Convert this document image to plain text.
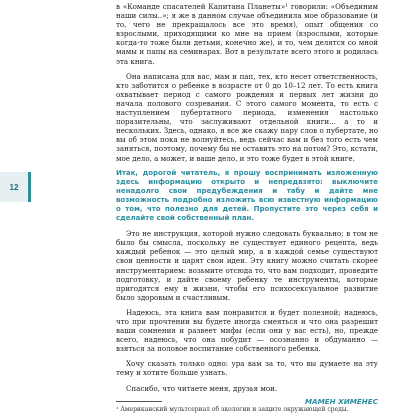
12

в «Команде спасателей Капитана Планеты»¹ говорили: «Объединим наши силы..»; я же в данном случае объединила мое образование (и то, чего не прекращалось все это время), опыт общения со взрослыми, приходящими ко мне на прием (взрослыми, которые когда-то тоже были детьми, конечно же), и то, чем делятся со мной мамы и папы на семинарах. Вот в результате всего этого и родилась эта книга.

Она написана для вас, мам и пап, тех, кто несет ответственность, кто заботится о ребенке в возрасте от 0 до 10–12 лет. То есть книга охватывает период с самого рождения и первых лет жизни до начала полового созревания. С этого самого момента, то есть с наступлением пубертатного периода, изменения настолько поразительны, что заслуживают отдельной книги... а то и нескольких. Здесь, однако, я все же скажу пару слов о пубертате, но вы об этом пока не волнуйтесь, ведь сейчас вам и без того есть чем заняться, поэтому, почему бы не оставить это на потом? Это, кстати, мое дело, а может, и ваше дело, и это тоже будет в этой книге.

Итак, дорогой читатель, я прошу воспринимать изложенную здесь информацию открыто и непредвзято: выключите ненадолго свои предубеждения и табу и дайте мне возможность подробно изложить всю известную информацию о том, что полезно для детей. Пропустите это через себя и сделайте свой собственный план.

Это не инструкция, которой нужно следовать буквально; в том не было бы смысла, поскольку не существует единого рецепта, ведь каждый ребенок — это целый мир, а в каждой семье существуют свои ценности и царят свои идеи. Эту книгу можно считать скорее инструментарием: возьмите отсюда то, что вам подходит, проведите подготовку, и дайте своему ребенку те инструменты, которые пригодятся ему в жизни, чтобы его психосексуальное развитие было здоровым и счастливым.

Надеюсь, эта книга вам понравится и будет полезной; надеюсь, что при прочтении вы будете иногда смеяться и что она разрешит ваши сомнения и развеет мифы (если они у вас есть), но, прежде всего, надеюсь, что она побудит — осознанно и обдуманно — взяться за половое воспитание собственного ребенка.

Хочу сказать только одно: ура вам за то, что вы думаете на эту тему и хотите больше узнать.

Спасибо, что читаете меня, друзья мои.

МАМЕН ХИМЕНЕС

¹ Американский мультсериал об экологии и защите окружающей среды.
